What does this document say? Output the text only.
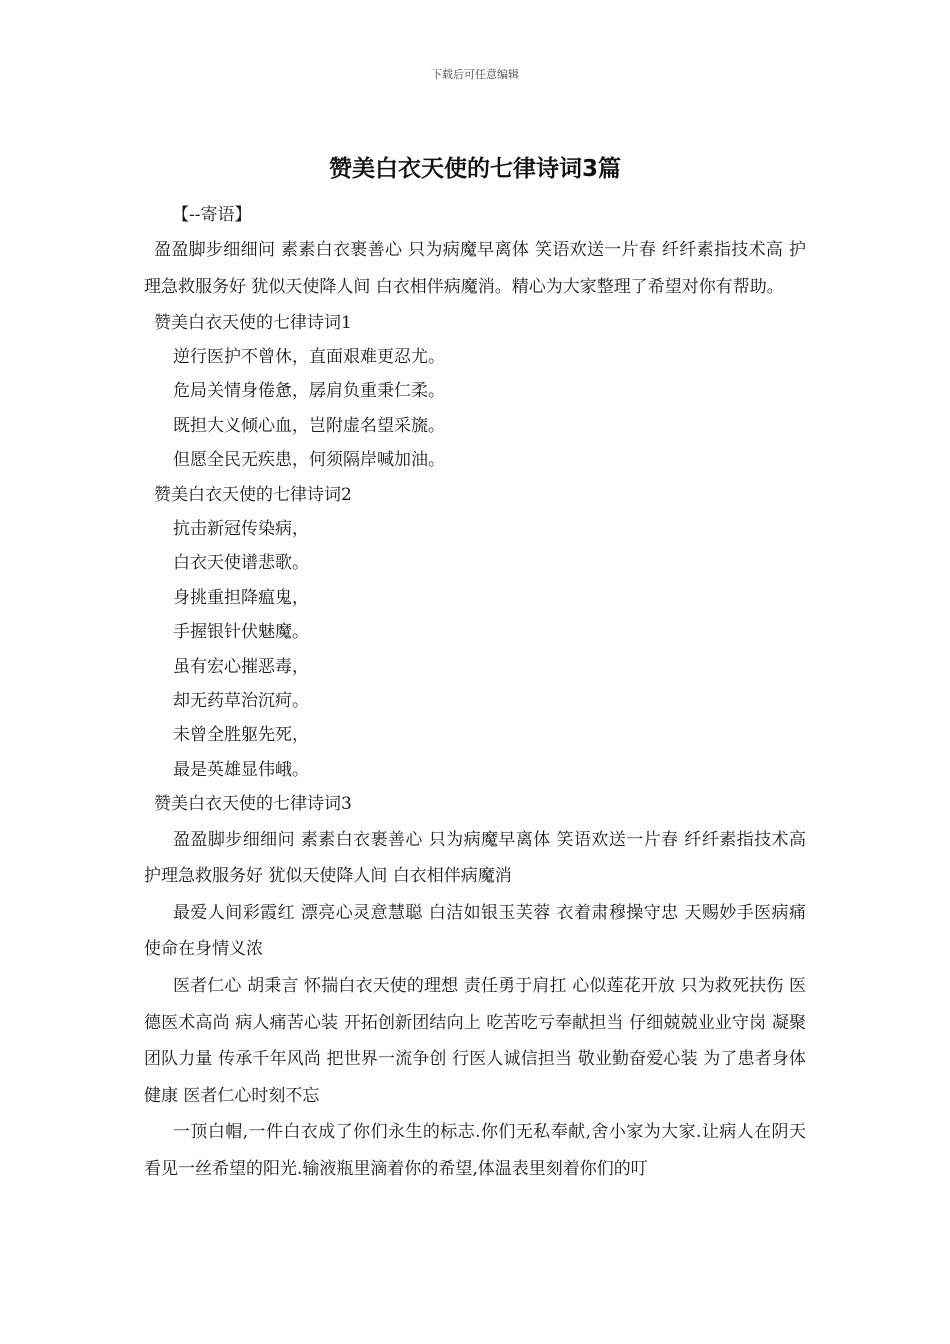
下载后可任意编辑
赞美白衣天使的七律诗词3篇

【--寄语】

盈盈脚步细细问 素素白衣裹善心 只为病魔早离体 笑语欢送一片春 纤纤素指技术高 护理急救服务好 犹似天使降人间 白衣相伴病魔消。精心为大家整理了希望对你有帮助。

赞美白衣天使的七律诗词1

逆行医护不曾休，直面艰难更忍尤。

危局关情身倦惫，孱肩负重秉仁柔。

既担大义倾心血，岂附虚名望采旒。

但愿全民无疾患，何须隔岸喊加油。

赞美白衣天使的七律诗词2

抗击新冠传染病，

白衣天使谱悲歌。

身挑重担降瘟鬼，

手握银针伏魅魔。

虽有宏心摧恶毒，

却无药草治沉疴。

未曾全胜躯先死，

最是英雄显伟峨。

赞美白衣天使的七律诗词3

盈盈脚步细细问 素素白衣裹善心 只为病魔早离体 笑语欢送一片春 纤纤素指技术高 护理急救服务好 犹似天使降人间 白衣相伴病魔消

最爱人间彩霞红 漂亮心灵意慧聪 白洁如银玉芙蓉 衣着肃穆操守忠 天赐妙手医病痛 使命在身情义浓

医者仁心 胡秉言 怀揣白衣天使的理想 责任勇于肩扛 心似莲花开放 只为救死扶伤 医德医术高尚 病人痛苦心装 开拓创新团结向上 吃苦吃亏奉献担当 仔细兢兢业业守岗 凝聚团队力量 传承千年风尚 把世界一流争创 行医人诚信担当 敬业勤奋爱心装 为了患者身体健康 医者仁心时刻不忘

一顶白帽,一件白衣成了你们永生的标志.你们无私奉献,舍小家为大家.让病人在阴天看见一丝希望的阳光.输液瓶里滴着你的希望,体温表里刻着你们的叮
